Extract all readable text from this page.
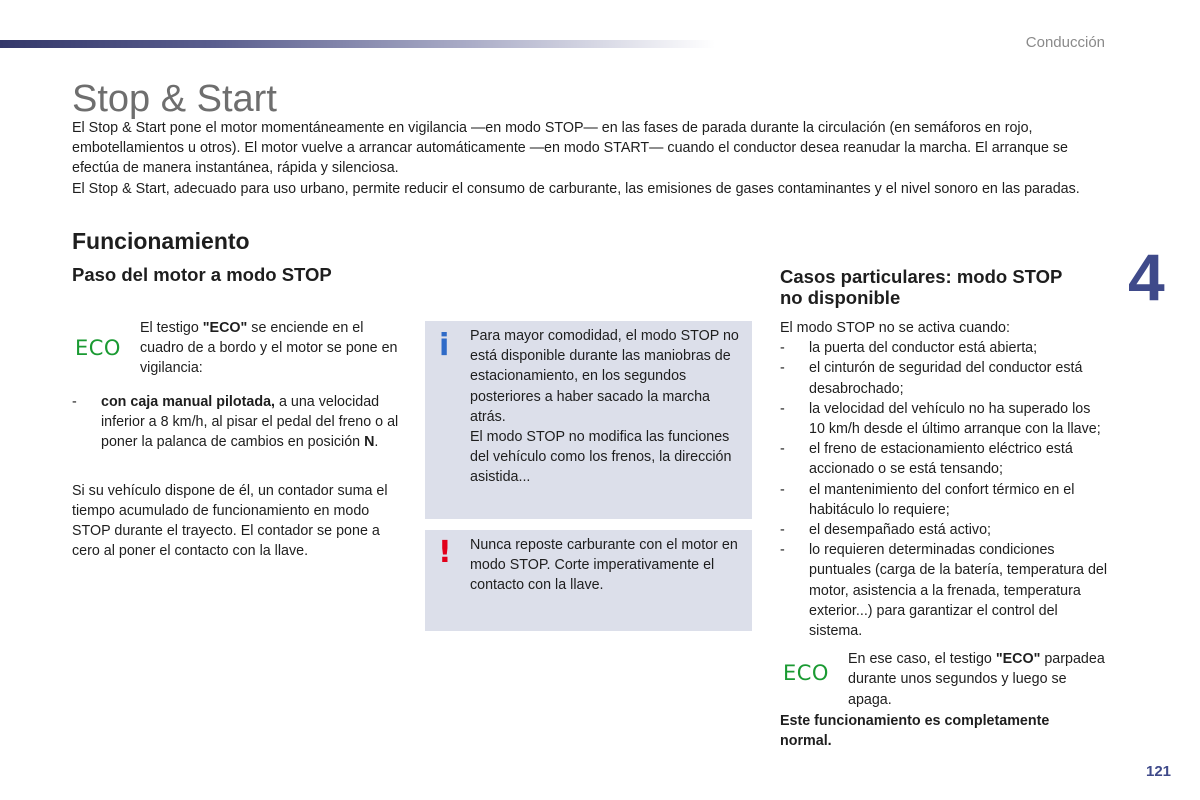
Conducción
4
121
Stop & Start

El Stop & Start pone el motor momentáneamente en vigilancia —en modo STOP— en las fases de parada durante la circulación (en semáforos en rojo, embotellamientos u otros). El motor vuelve a arrancar automáticamente —en modo START— cuando el conductor desea reanudar la marcha. El arranque se efectúa de manera instantánea, rápida y silenciosa.

El Stop & Start, adecuado para uso urbano, permite reducir el consumo de carburante, las emisiones de gases contaminantes y el nivel sonoro en las paradas.

Funcionamiento
Paso del motor a modo STOP
ECO

El testigo "ECO" se enciende en el cuadro de a bordo y el motor se pone en vigilancia:

-	con caja manual pilotada, a una velocidad inferior a 8 km/h, al pisar el pedal del freno o al poner la palanca de cambios en posición N.

Si su vehículo dispone de él, un contador suma el tiempo acumulado de funcionamiento en modo STOP durante el trayecto. El contador se pone a cero al poner el contacto con la llave.

i Para mayor comodidad, el modo STOP no está disponible durante las maniobras de estacionamiento, en los segundos posteriores a haber sacado la marcha atrás.

El modo STOP no modifica las funciones del vehículo como los frenos, la dirección asistida...

! Nunca reposte carburante con el motor en modo STOP. Corte imperativamente el contacto con la llave.

Casos particulares: modo STOP
no disponible

El modo STOP no se activa cuando:

-	la puerta del conductor está abierta;

-	el cinturón de seguridad del conductor está desabrochado;

-	la velocidad del vehículo no ha superado los 10 km/h desde el último arranque con la llave;

-	el freno de estacionamiento eléctrico está accionado o se está tensando;

-	el mantenimiento del confort térmico en el habitáculo lo requiere;

-	el desempañado está activo;

-	lo requieren determinadas condiciones puntuales (carga de la batería, temperatura del motor, asistencia a la frenada, temperatura exterior...) para garantizar el control del sistema.

ECO

En ese caso, el testigo "ECO" parpadea durante unos segundos y luego se apaga.

Este funcionamiento es completamente normal.
